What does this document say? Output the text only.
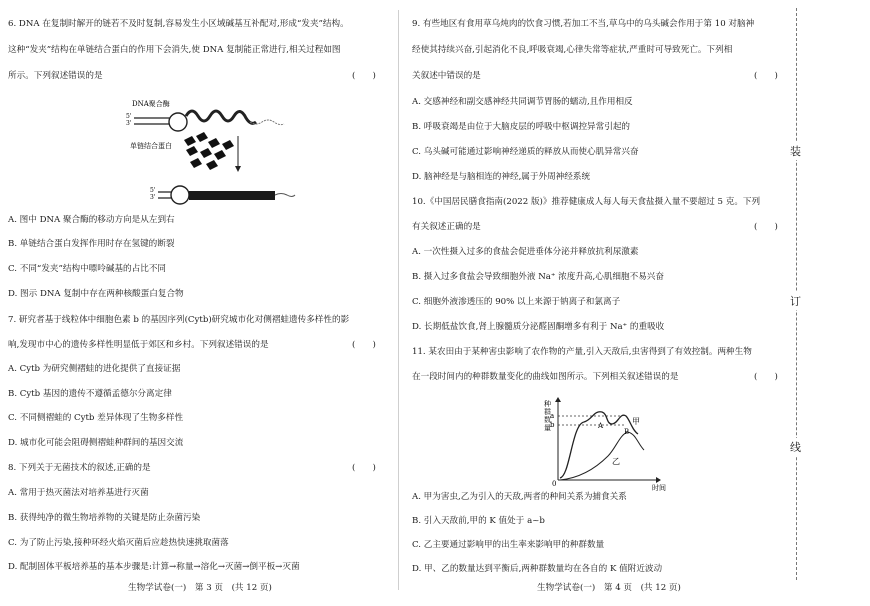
6. DNA 在复制时解开的链若不及时复制,容易发生小区域碱基互补配对,形成“发夹”结构。
这种“发夹”结构在单链结合蛋白的作用下会消失,使 DNA 复制能正常进行,相关过程如图
所示。下列叙述错误的是	(　　)
DNA聚合酶
5'
3'
单链结合蛋白
5'
3'
A. 图中 DNA 聚合酶的移动方向是从左到右
B. 单链结合蛋白发挥作用时存在氢键的断裂
C. 不同“发夹”结构中嘌呤碱基的占比不同
D. 图示 DNA 复制中存在两种核酸蛋白复合物
7. 研究者基于线粒体中细胞色素 b 的基因序列(Cytb)研究城市化对侧褶蛙遗传多样性的影
响,发现市中心的遗传多样性明显低于郊区和乡村。下列叙述错误的是	(　　)
A. Cytb 为研究侧褶蛙的进化提供了直接证据
B. Cytb 基因的遗传不遵循孟德尔分离定律
C. 不同侧褶蛙的 Cytb 差异体现了生物多样性
D. 城市化可能会阻碍侧褶蛙种群间的基因交流
8. 下列关于无菌技术的叙述,正确的是	(　　)
A. 常用于热灭菌法对培养基进行灭菌
B. 获得纯净的微生物培养物的关键是防止杂菌污染
C. 为了防止污染,接种环经火焰灭菌后应趁热快速挑取菌落
D. 配制固体平板培养基的基本步骤是:计算→称量→溶化→灭菌→倒平板→灭菌
生物学试卷(一)　第 3 页　(共 12 页)
9. 有些地区有食用草乌炖肉的饮食习惯,若加工不当,草乌中的乌头碱会作用于第 10 对脑神
经使其持续兴奋,引起消化不良,呼吸衰竭,心律失常等症状,严重时可导致死亡。下列相
关叙述中错误的是	(　　)
A. 交感神经和副交感神经共同调节胃肠的蠕动,且作用相反
B. 呼吸衰竭是由位于大脑皮层的呼吸中枢调控异常引起的
C. 乌头碱可能通过影响神经递质的释放从而使心肌异常兴奋
D. 脑神经是与脑相连的神经,属于外周神经系统
10.《中国居民膳食指南(2022 版)》推荐健康成人每人每天食盐摄入量不要超过 5 克。下列
有关叙述正确的是	(　　)
A. 一次性摄入过多的食盐会促进垂体分泌并释放抗利尿激素
B. 摄入过多食盐会导致细胞外液 Na⁺ 浓度升高,心肌细胞不易兴奋
C. 细胞外液渗透压的 90% 以上来源于钠离子和氯离子
D. 长期低盐饮食,肾上腺髓质分泌醛固酮增多有利于 Na⁺ 的重吸收
11. 某农田由于某种害虫影响了农作物的产量,引入天敌后,虫害得到了有效控制。两种生物
在一段时间内的种群数量变化的曲线如图所示。下列相关叙述错误的是	(　　)
种
群
数
量
0	时间
a
b	甲
乙
A
B
A. 甲为害虫,乙为引入的天敌,两者的种间关系为捕食关系
B. 引入天敌前,甲的 K 值处于 a~b
C. 乙主要通过影响甲的出生率来影响甲的种群数量
D. 甲、乙的数量达到平衡后,两种群数量均在各自的 K 值附近波动
生物学试卷(一)　第 4 页　(共 12 页)
装
订
线
